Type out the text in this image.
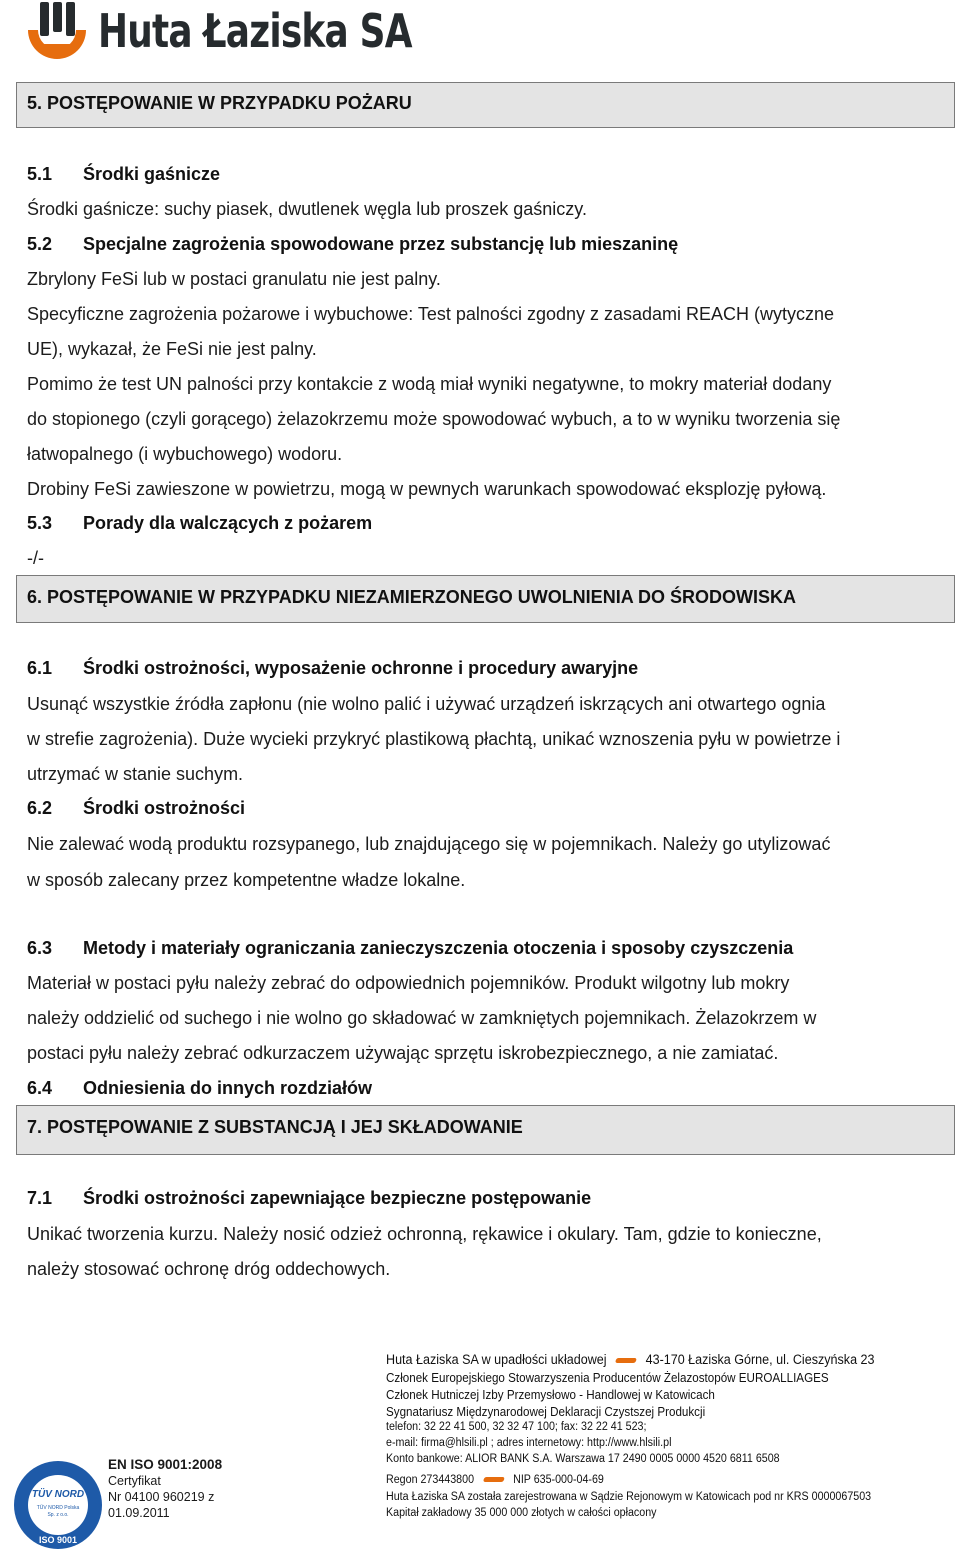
Huta Łaziska SA
5. POSTĘPOWANIE W PRZYPADKU POŻARU
5.1 Środki gaśnicze
Środki gaśnicze: suchy piasek, dwutlenek węgla lub proszek gaśniczy.
5.2 Specjalne zagrożenia spowodowane przez substancję lub mieszaninę
Zbrylony FeSi lub w postaci granulatu nie jest palny.
Specyficzne zagrożenia pożarowe i wybuchowe: Test palności zgodny z zasadami REACH (wytyczne
UE), wykazał, że FeSi nie jest palny.
Pomimo że test UN palności przy kontakcie z wodą miał wyniki negatywne, to mokry materiał dodany
do stopionego (czyli gorącego) żelazokrzemu może spowodować wybuch, a to w wyniku tworzenia się
łatwopalnego (i wybuchowego) wodoru.
Drobiny FeSi zawieszone w powietrzu, mogą w pewnych warunkach spowodować eksplozję pyłową.
5.3 Porady dla walczących z pożarem
-/-
6. POSTĘPOWANIE W PRZYPADKU NIEZAMIERZONEGO UWOLNIENIA DO ŚRODOWISKA
6.1 Środki ostrożności, wyposażenie ochronne i procedury awaryjne
Usunąć wszystkie źródła zapłonu (nie wolno palić i używać urządzeń iskrzących ani otwartego ognia
w strefie zagrożenia). Duże wycieki przykryć plastikową płachtą, unikać wznoszenia pyłu w powietrze i
utrzymać w stanie suchym.
6.2 Środki ostrożności
Nie zalewać wodą produktu rozsypanego, lub znajdującego się w pojemnikach. Należy go utylizować
w sposób zalecany przez kompetentne władze lokalne.
6.3 Metody i materiały ograniczania zanieczyszczenia otoczenia i sposoby czyszczenia
Materiał w postaci pyłu należy zebrać do odpowiednich pojemników. Produkt wilgotny lub mokry
należy oddzielić od suchego i nie wolno go składować w zamkniętych pojemnikach. Żelazokrzem w
postaci pyłu należy zebrać odkurzaczem używając sprzętu iskrobezpiecznego, a nie zamiatać.
6.4 Odniesienia do innych rozdziałów
7. POSTĘPOWANIE Z SUBSTANCJĄ I JEJ SKŁADOWANIE
7.1 Środki ostrożności zapewniające bezpieczne postępowanie
Unikać tworzenia kurzu. Należy nosić odzież ochronną, rękawice i okulary. Tam, gdzie to konieczne,
należy stosować ochronę dróg oddechowych.
Huta Łaziska SA w upadłości układowej	43-170 Łaziska Górne, ul. Cieszyńska 23
Członek Europejskiego Stowarzyszenia Producentów Żelazostopów EUROALLIAGES
Członek Hutniczej Izby Przemysłowo - Handlowej w Katowicach
Sygnatariusz Międzynarodowej Deklaracji Czystszej Produkcji
telefon: 32 22 41 500, 32 32 47 100; fax: 32 22 41 523;
e-mail: firma@hlsili.pl ; adres internetowy: http://www.hlsili.pl
Konto bankowe: ALIOR BANK S.A. Warszawa 17 2490 0005 0000 4520 6811 6508
Regon 273443800	NIP 635-000-04-69
Huta Łaziska SA została zarejestrowana w Sądzie Rejonowym w Katowicach pod nr KRS 0000067503
Kapitał zakładowy 35 000 000 złotych w całości opłacony
TÜV NORD
TÜV NORD Polska
Sp. z o.o.
ISO 9001
EN ISO 9001:2008
Certyfikat
Nr 04100 960219 z
01.09.2011
